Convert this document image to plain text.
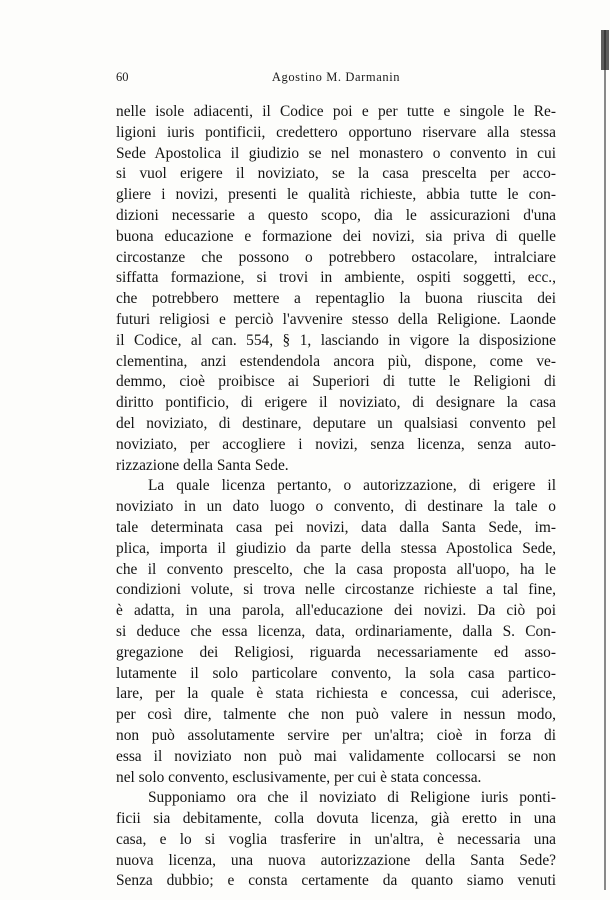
60	Agostino M. Darmanin
nelle isole adiacenti, il Codice poi e per tutte e singole le Re-
ligioni iuris pontificii, credettero opportuno riservare alla stessa
Sede Apostolica il giudizio se nel monastero o convento in cui
si vuol erigere il noviziato, se la casa prescelta per acco-
gliere i novizi, presenti le qualità richieste, abbia tutte le con-
dizioni necessarie a questo scopo, dia le assicurazioni d'una
buona educazione e formazione dei novizi, sia priva di quelle
circostanze che possono o potrebbero ostacolare, intralciare
siffatta formazione, si trovi in ambiente, ospiti soggetti, ecc.,
che potrebbero mettere a repentaglio la buona riuscita dei
futuri religiosi e perciò l'avvenire stesso della Religione. Laonde
il Codice, al can. 554, § 1, lasciando in vigore la disposizione
clementina, anzi estendendola ancora più, dispone, come ve-
demmo, cioè proibisce ai Superiori di tutte le Religioni di
diritto pontificio, di erigere il noviziato, di designare la casa
del noviziato, di destinare, deputare un qualsiasi convento pel
noviziato, per accogliere i novizi, senza licenza, senza auto-
rizzazione della Santa Sede.
La quale licenza pertanto, o autorizzazione, di erigere il
noviziato in un dato luogo o convento, di destinare la tale o
tale determinata casa pei novizi, data dalla Santa Sede, im-
plica, importa il giudizio da parte della stessa Apostolica Sede,
che il convento prescelto, che la casa proposta all'uopo, ha le
condizioni volute, si trova nelle circostanze richieste a tal fine,
è adatta, in una parola, all'educazione dei novizi. Da ciò poi
si deduce che essa licenza, data, ordinariamente, dalla S. Con-
gregazione dei Religiosi, riguarda necessariamente ed asso-
lutamente il solo particolare convento, la sola casa partico-
lare, per la quale è stata richiesta e concessa, cui aderisce,
per così dire, talmente che non può valere in nessun modo,
non può assolutamente servire per un'altra; cioè in forza di
essa il noviziato non può mai validamente collocarsi se non
nel solo convento, esclusivamente, per cui è stata concessa.
Supponiamo ora che il noviziato di Religione iuris ponti-
ficii sia debitamente, colla dovuta licenza, già eretto in una
casa, e lo si voglia trasferire in un'altra, è necessaria una
nuova licenza, una nuova autorizzazione della Santa Sede?
Senza dubbio; e consta certamente da quanto siamo venuti
